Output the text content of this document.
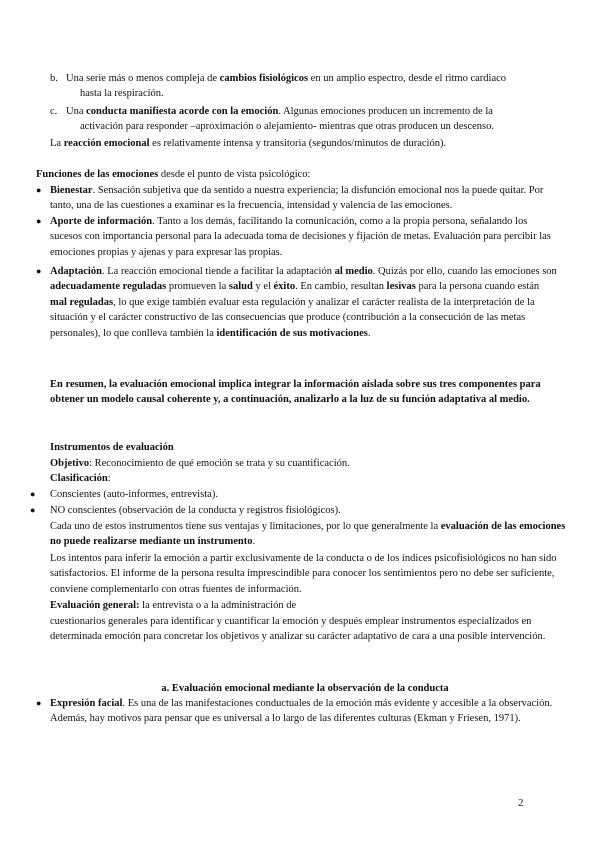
b. Una serie más o menos compleja de cambios fisiológicos en un amplio espectro, desde el ritmo cardiaco
hasta la respiración.
c. Una conducta manifiesta acorde con la emoción. Algunas emociones producen un incremento de la
activación para responder –aproximación o alejamiento- mientras que otras producen un descenso.

La reacción emocional es relativamente intensa y transitoria (segundos/minutos de duración).

Funciones de las emociones desde el punto de vista psicológico:

● Bienestar. Sensación subjetiva que da sentido a nuestra experiencia; la disfunción emocional nos la puede quitar. Por tanto, una de las cuestiones a examinar es la frecuencia, intensidad y valencia de las emociones.

● Aporte de información. Tanto a los demás, facilitando la comunicación, como a la propia persona, señalando los sucesos con importancia personal para la adecuada toma de decisiones y fijación de metas. Evaluación para percibir las emociones propias y ajenas y para expresar las propias.

● Adaptación. La reacción emocional tiende a facilitar la adaptación al medio. Quizás por ello, cuando las emociones son adecuadamente reguladas promueven la salud y el éxito. En cambio, resultan lesivas para la persona cuando están mal reguladas, lo que exige también evaluar esta regulación y analizar el carácter realista de la interpretación de la situación y el carácter constructivo de las consecuencias que produce (contribución a la consecución de las metas personales), lo que conlleva también la identificación de sus motivaciones.

En resumen, la evaluación emocional implica integrar la información aislada sobre sus tres componentes para obtener un modelo causal coherente y, a continuación, analizarlo a la luz de su función adaptativa al medio.

Instrumentos de evaluación

Objetivo: Reconocimiento de qué emoción se trata y su cuantificación.

Clasificación:

●	Conscientes (auto-informes, entrevista).

●	NO conscientes (observación de la conducta y registros fisiológicos).

Cada uno de estos instrumentos tiene sus ventajas y limitaciones, por lo que generalmente la evaluación de las emociones no puede realizarse mediante un instrumento.

Los intentos para inferir la emoción a partir exclusivamente de la conducta o de los índices psicofisiológicos no han sido satisfactorios. El informe de la persona resulta imprescindible para conocer los sentimientos pero no debe ser suficiente, conviene complementarlo con otras fuentes de información.

Evaluación general: la entrevista o a la administración de

cuestionarios generales para identificar y cuantificar la emoción y después emplear instrumentos especializados en determinada emoción para concretar los objetivos y analizar su carácter adaptativo de cara a una posible intervención.

a. Evaluación emocional mediante la observación de la conducta

● Expresión facial. Es una de las manifestaciones conductuales de la emoción más evidente y accesible a la observación. Además, hay motivos para pensar que es universal a lo largo de las diferentes culturas (Ekman y Friesen, 1971).

2
